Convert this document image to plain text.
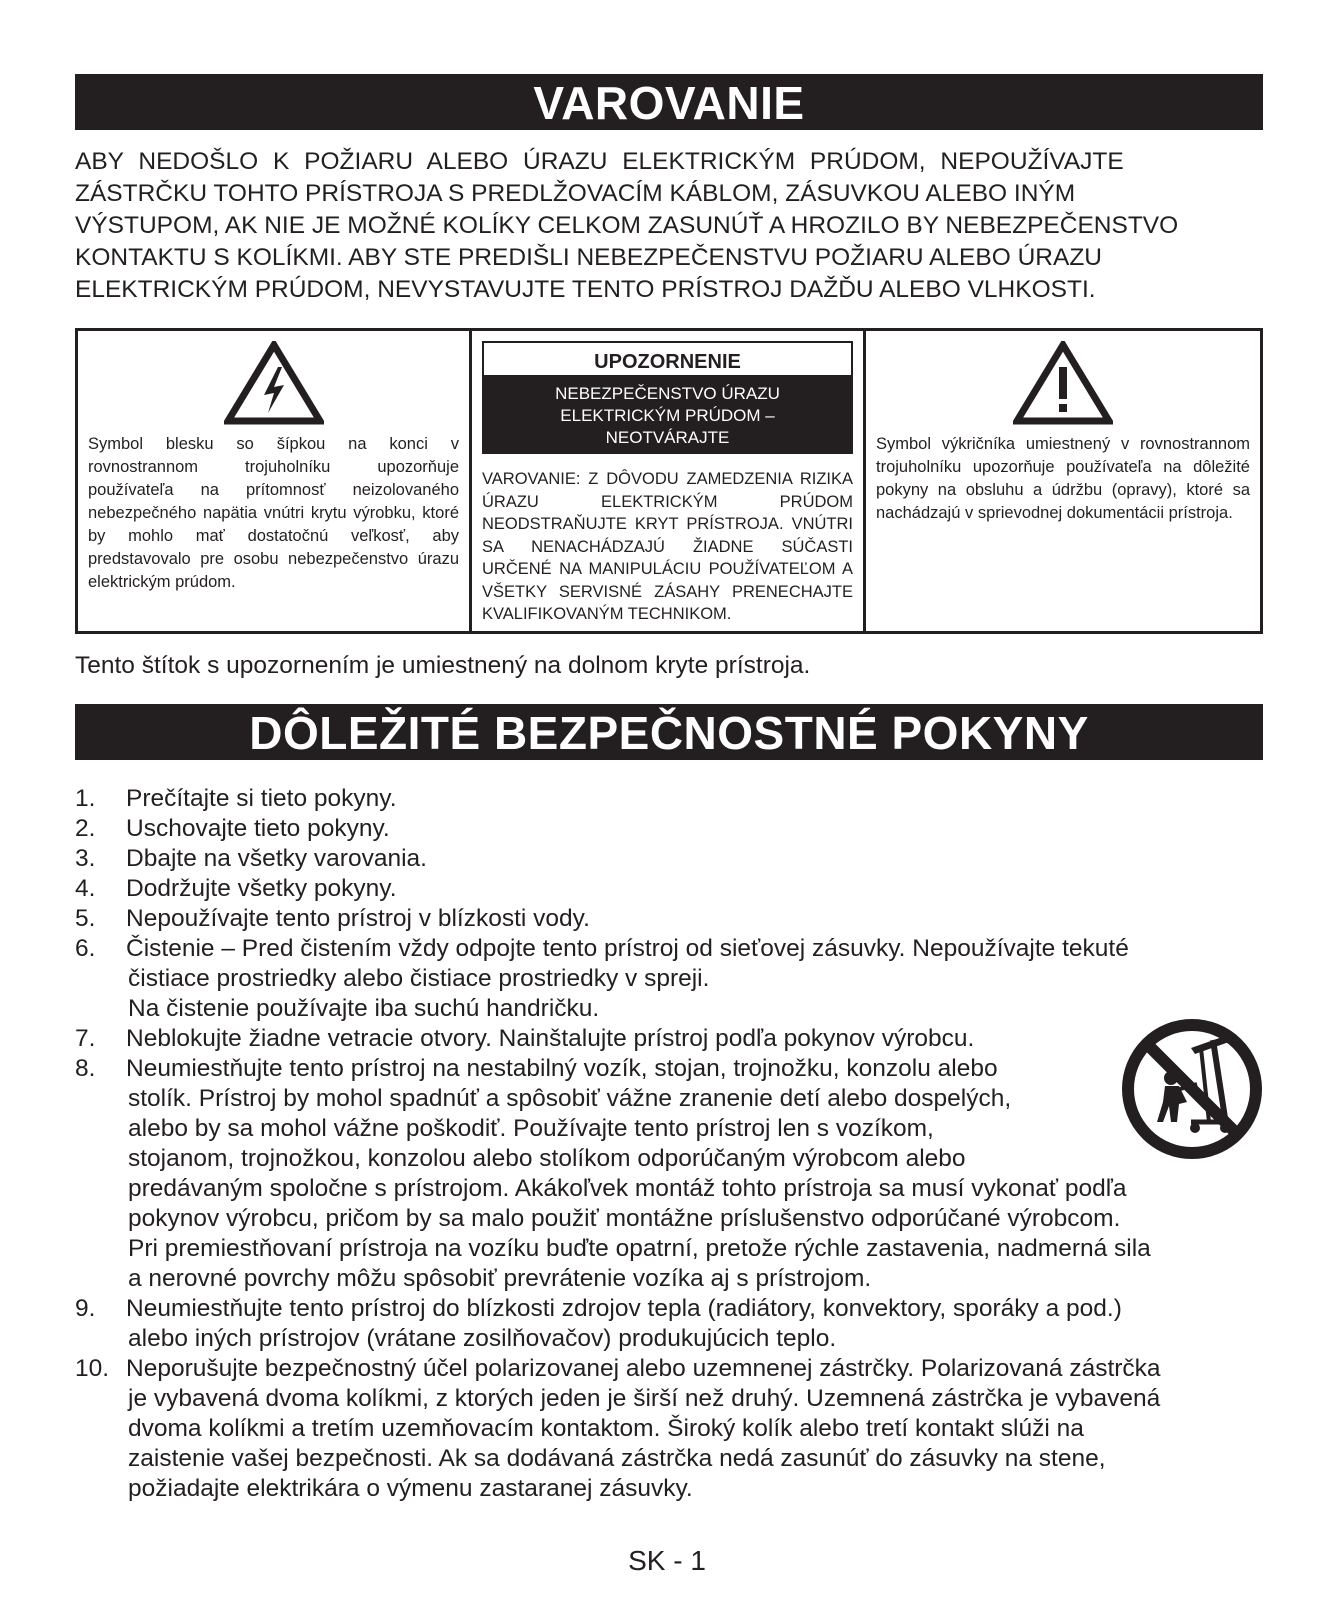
VAROVANIE

ABY NEDOŠLO K POŽIARU ALEBO ÚRAZU ELEKTRICKÝM PRÚDOM, NEPOUŽÍVAJTE

ZÁSTRČKU TOHTO PRÍSTROJA S PREDLŽOVACÍM KÁBLOM, ZÁSUVKOU ALEBO INÝM

VÝSTUPOM, AK NIE JE MOŽNÉ KOLÍKY CELKOM ZASUNÚŤ A HROZILO BY NEBEZPEČENSTVO

KONTAKTU S KOLÍKMI. ABY STE PREDIŠLI NEBEZPEČENSTVU POŽIARU ALEBO ÚRAZU

ELEKTRICKÝM PRÚDOM, NEVYSTAVUJTE TENTO PRÍSTROJ DAŽĎU ALEBO VLHKOSTI.

Symbol blesku so šípkou na konci v rovnostrannom trojuholníku upozorňuje používateľa na prítomnosť neizolovaného nebezpečného napätia vnútri krytu výrobku, ktoré by mohlo mať dostatočnú veľkosť, aby predstavovalo pre osobu nebezpečenstvo úrazu elektrickým prúdom.
UPOZORNENIE
NEBEZPEČENSTVO ÚRAZU
ELEKTRICKÝM PRÚDOM –
NEOTVÁRAJTE
VAROVANIE: Z DÔVODU ZAMEDZENIA RIZIKA ÚRAZU ELEKTRICKÝM PRÚDOM NEODSTRAŇUJTE KRYT PRÍSTROJA. VNÚTRI SA NENACHÁDZAJÚ ŽIADNE SÚČASTI URČENÉ NA MANIPULÁCIU POUŽÍVATEĽOM A VŠETKY SERVISNÉ ZÁSAHY PRENECHAJTE KVALIFIKOVANÝM TECHNIKOM.
Symbol výkričníka umiestnený v rovnostrannom trojuholníku upozorňuje používateľa na dôležité pokyny na obsluhu a údržbu (opravy), ktoré sa nachádzajú v sprievodnej dokumentácii prístroja.
Tento štítok s upozornením je umiestnený na dolnom kryte prístroja.
DÔLEŽITÉ BEZPEČNOSTNÉ POKYNY
1.	Prečítajte si tieto pokyny.
2.	Uschovajte tieto pokyny.
3.	Dbajte na všetky varovania.
4.	Dodržujte všetky pokyny.
5.	Nepoužívajte tento prístroj v blízkosti vody.
6.	Čistenie – Pred čistením vždy odpojte tento prístroj od sieťovej zásuvky. Nepoužívajte tekuté
čistiace prostriedky alebo čistiace prostriedky v spreji.
Na čistenie používajte iba suchú handričku.
7.	Neblokujte žiadne vetracie otvory. Nainštalujte prístroj podľa pokynov výrobcu.
8.	Neumiestňujte tento prístroj na nestabilný vozík, stojan, trojnožku, konzolu alebo
stolík. Prístroj by mohol spadnúť a spôsobiť vážne zranenie detí alebo dospelých,
alebo by sa mohol vážne poškodiť. Používajte tento prístroj len s vozíkom,
stojanom, trojnožkou, konzolou alebo stolíkom odporúčaným výrobcom alebo
predávaným spoločne s prístrojom. Akákoľvek montáž tohto prístroja sa musí vykonať podľa
pokynov výrobcu, pričom by sa malo použiť montážne príslušenstvo odporúčané výrobcom.
Pri premiestňovaní prístroja na vozíku buďte opatrní, pretože rýchle zastavenia, nadmerná sila
a nerovné povrchy môžu spôsobiť prevrátenie vozíka aj s prístrojom.
9.	Neumiestňujte tento prístroj do blízkosti zdrojov tepla (radiátory, konvektory, sporáky a pod.)
alebo iných prístrojov (vrátane zosilňovačov) produkujúcich teplo.
10. Neporušujte bezpečnostný účel polarizovanej alebo uzemnenej zástrčky. Polarizovaná zástrčka
je vybavená dvoma kolíkmi, z ktorých jeden je širší než druhý. Uzemnená zástrčka je vybavená
dvoma kolíkmi a tretím uzemňovacím kontaktom. Široký kolík alebo tretí kontakt slúži na
zaistenie vašej bezpečnosti. Ak sa dodávaná zástrčka nedá zasunúť do zásuvky na stene,
požiadajte elektrikára o výmenu zastaranej zásuvky.
SK - 1
